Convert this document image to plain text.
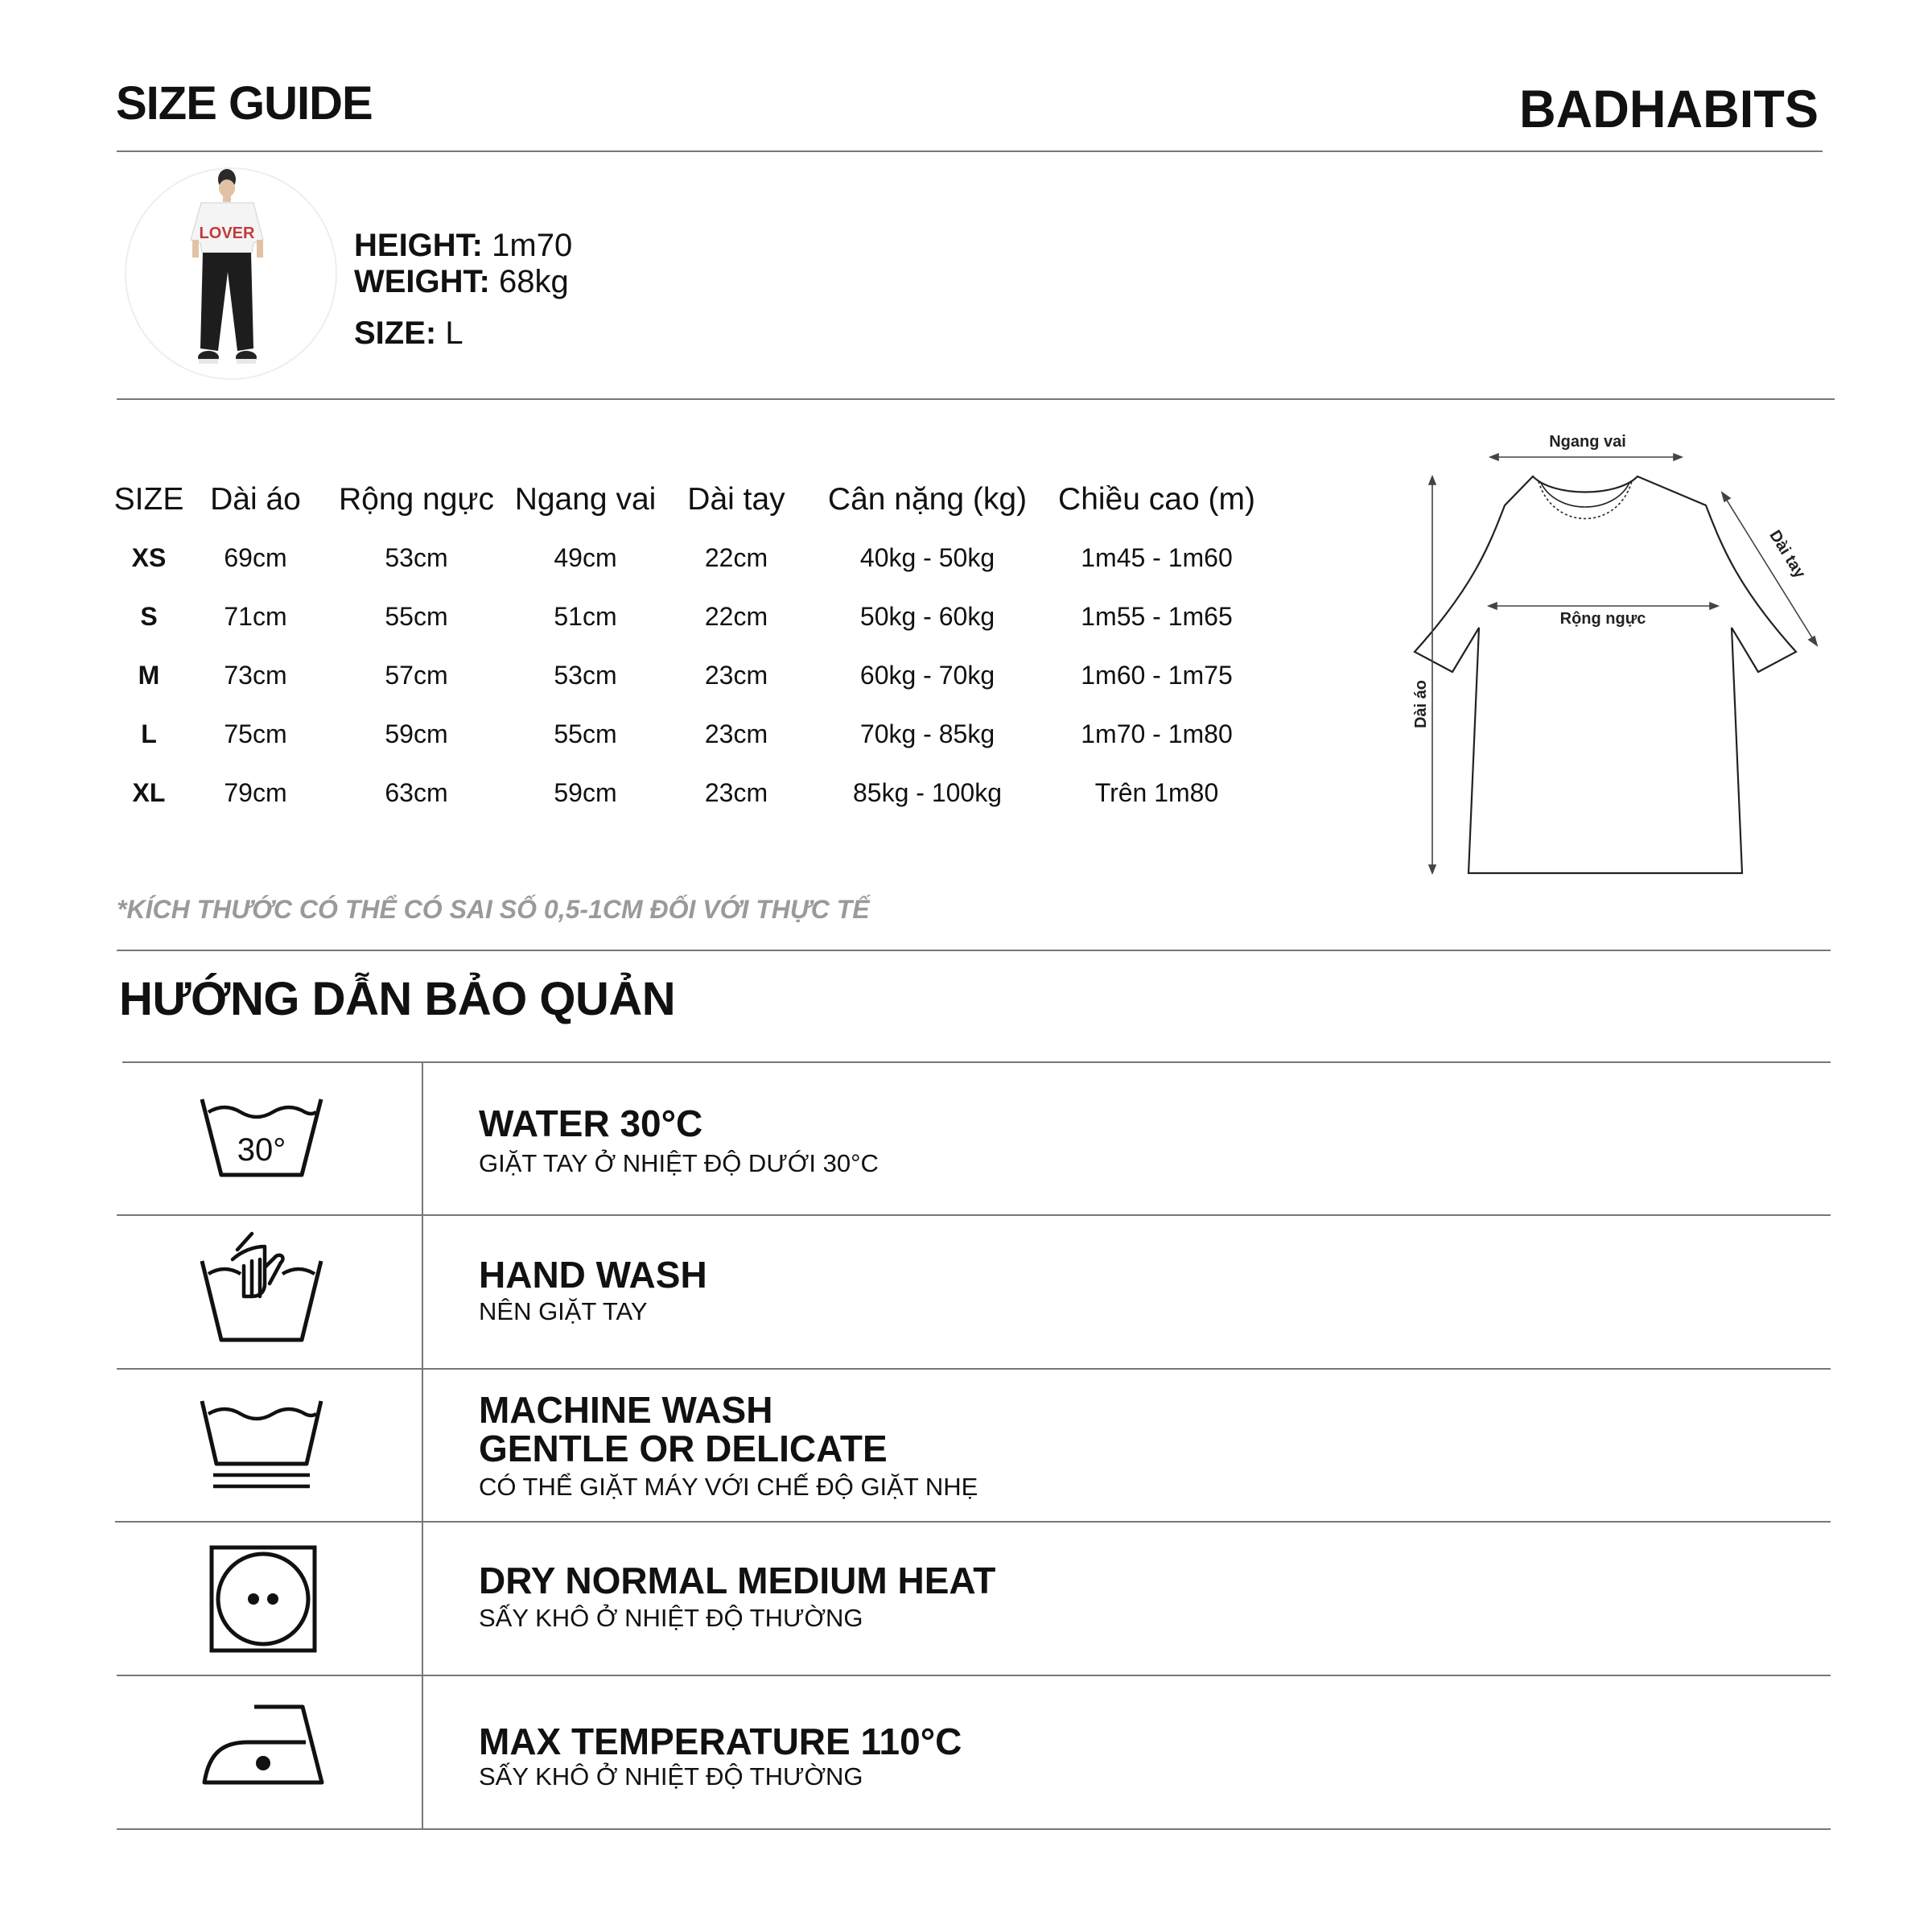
SIZE GUIDE	BADHABITS
LOVER	HEIGHT: 1m70
WEIGHT: 68kg
SIZE: L
SIZE	Dài áo	Rộng ngực	Ngang vai	Dài tay	Cân nặng (kg)	Chiều cao (m)
XS	69cm	53cm	49cm	22cm	40kg - 50kg	1m45 - 1m60
S	71cm	55cm	51cm	22cm	50kg - 60kg	1m55 - 1m65
M	73cm	57cm	53cm	23cm	60kg - 70kg	1m60 - 1m75
L	75cm	59cm	55cm	23cm	70kg - 85kg	1m70 - 1m80
XL	79cm	63cm	59cm	23cm	85kg - 100kg	Trên 1m80
Ngang vai
Rộng ngực
Dài áo
Dài tay
*KÍCH THƯỚC CÓ THỂ CÓ SAI SỐ 0,5-1CM ĐỐI VỚI THỰC TẾ
HƯỚNG DẪN BẢO QUẢN
30°
WATER 30°C
GIẶT TAY Ở NHIỆT ĐỘ DƯỚI 30°C
HAND WASH
NÊN GIẶT TAY
MACHINE WASH
GENTLE OR DELICATE
CÓ THỂ GIẶT MÁY VỚI CHẾ ĐỘ GIẶT NHẸ
DRY NORMAL MEDIUM HEAT
SẤY KHÔ Ở NHIỆT ĐỘ THƯỜNG
MAX TEMPERATURE 110°C
SẤY KHÔ Ở NHIỆT ĐỘ THƯỜNG
